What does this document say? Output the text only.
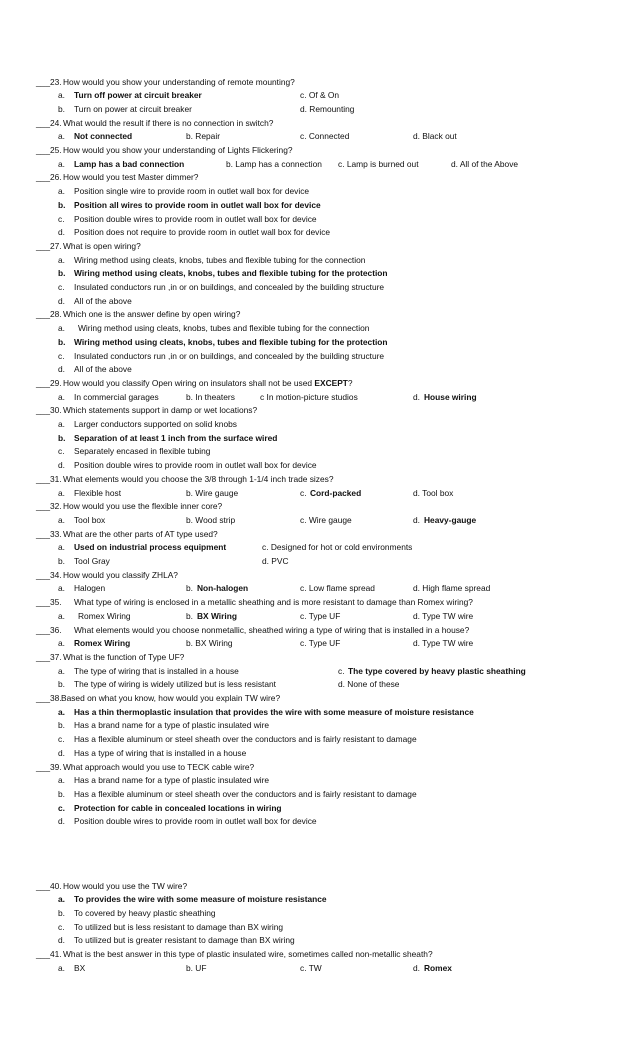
___23. How would you show your understanding of remote mounting?
a. Turn off power at circuit breaker	c. Of & On
b. Turn on power at circuit breaker	d. Remounting
___24. What would the result if there is no connection in switch?
a. Not connected	b. Repair	c. Connected	d. Black out
___25. How would you show your understanding of Lights Flickering?
a. Lamp has a bad connection	b. Lamp has a connection c. Lamp is burned out	d. All of the Above
___26. How would you test Master dimmer?
a. Position single wire to provide room in outlet wall box for device
b. Position all wires to provide room in outlet wall box for device
c. Position double wires to provide room in outlet wall box for device
d. Position does not require to provide room in outlet wall box for device
___27. What is open wiring?
a. Wiring method using cleats, knobs, tubes and flexible tubing for the connection
b. Wiring method using cleats, knobs, tubes and flexible tubing for the protection
c. Insulated conductors run ,in or on buildings, and concealed by the building structure
d. All of the above
___28. Which one is the answer define by open wiring?
a. Wiring method using cleats, knobs, tubes and flexible tubing for the connection
b. Wiring method using cleats, knobs, tubes and flexible tubing for the protection
c. Insulated conductors run ,in or on buildings, and concealed by the building structure
d. All of the above
___29. How would you classify Open wiring on insulators shall not be used EXCEPT?
a. In commercial garages	b. In theaters	c In motion-picture studios	d. House wiring
___30. Which statements support in damp or wet locations?
a. Larger conductors supported on solid knobs
b. Separation of at least 1 inch from the surface wired
c. Separately encased in flexible tubing
d. Position double wires to provide room in outlet wall box for device
___31. What elements would you choose the 3/8 through 1-1/4 inch trade sizes?
a. Flexible host	b. Wire gauge	c. Cord-packed	d. Tool box
___32. How would you use the flexible inner core?
a. Tool box	b. Wood strip	c. Wire gauge	d. Heavy-gauge
___33. What are the other parts of AT type used?
a. Used on industrial process equipment	c. Designed for hot or cold environments
b. Tool Gray	d. PVC
___34. How would you classify ZHLA?
a. Halogen	b. Non-halogen	c. Low flame spread	d. High flame spread
___35. What type of wiring is enclosed in a metallic sheathing and is more resistant to damage than Romex wiring?
a. Romex Wiring	b. BX Wiring	c. Type UF	d. Type TW wire
___36. What elements would you choose nonmetallic, sheathed wiring a type of wiring that is installed in a house?
a. Romex Wiring	b. BX Wiring	c. Type UF	d. Type TW wire
___37. What is the function of Type UF?
a. The type of wiring that is installed in a house	c. The type covered by heavy plastic sheathing
b. The type of wiring is widely utilized but is less resistant	d. None of these
___38. Based on what you know, how would you explain TW wire?
a. Has a thin thermoplastic insulation that provides the wire with some measure of moisture resistance
b. Has a brand name for a type of plastic insulated wire
c. Has a flexible aluminum or steel sheath over the conductors and is fairly resistant to damage
d. Has a type of wiring that is installed in a house
___39. What approach would you use to TECK cable wire?
a. Has a brand name for a type of plastic insulated wire
b. Has a flexible aluminum or steel sheath over the conductors and is fairly resistant to damage
c. Protection for cable in concealed locations in wiring
d. Position double wires to provide room in outlet wall box for device
___40. How would you use the TW wire?
a. To provides the wire with some measure of moisture resistance
b. To covered by heavy plastic sheathing
c. To utilized but is less resistant to damage than BX wiring
d. To utilized but is greater resistant to damage than BX wiring
___41. What is the best answer in this type of plastic insulated wire, sometimes called non-metallic sheath?
a. BX	b. UF	c. TW	d. Romex
